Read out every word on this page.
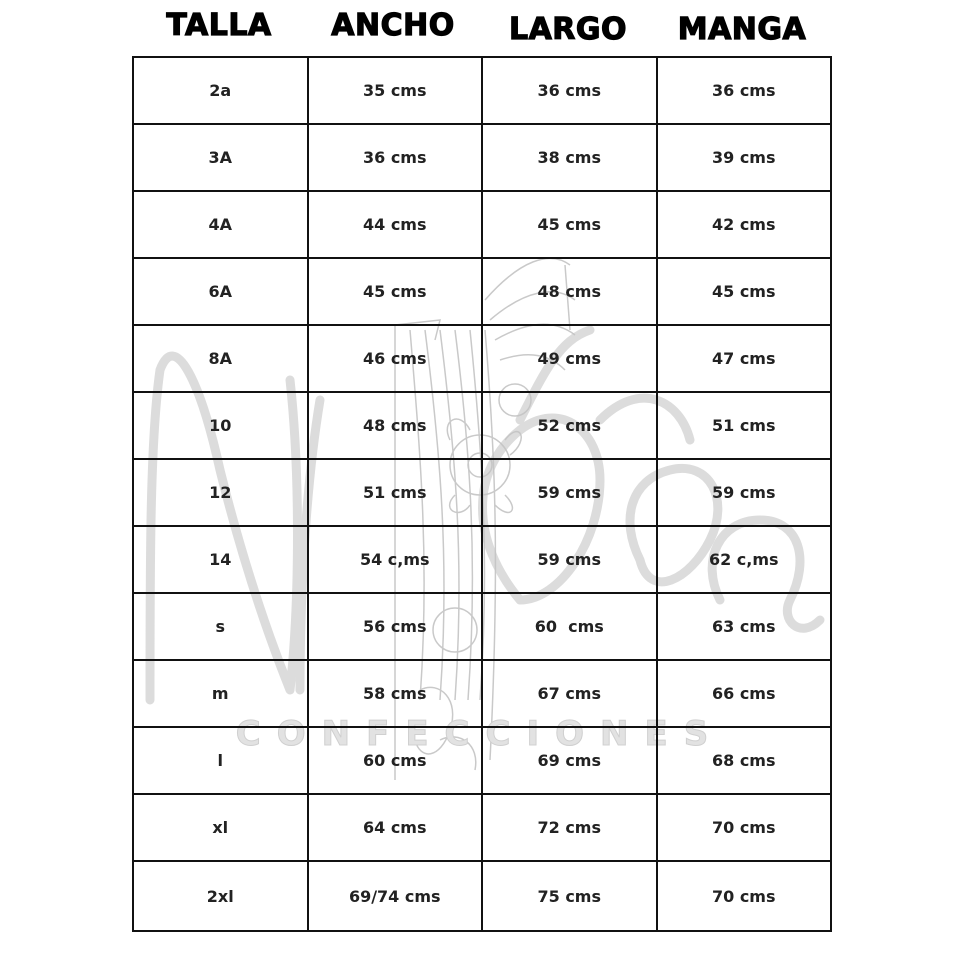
CONFECCIONES
TALLA	ANCHO	LARGO	MANGA
2a	35 cms	36 cms	36 cms
3A	36 cms	38 cms	39 cms
4A	44 cms	45 cms	42 cms
6A	45 cms	48 cms	45 cms
8A	46 cms	49 cms	47 cms
10	48 cms	52 cms	51 cms
12	51 cms	59 cms	59 cms
14	54 c,ms	59 cms	62 c,ms
s	56 cms	60  cms	63 cms
m	58 cms	67 cms	66 cms
l	60 cms	69 cms	68 cms
xl	64 cms	72 cms	70 cms
2xl	69/74 cms	75 cms	70 cms
